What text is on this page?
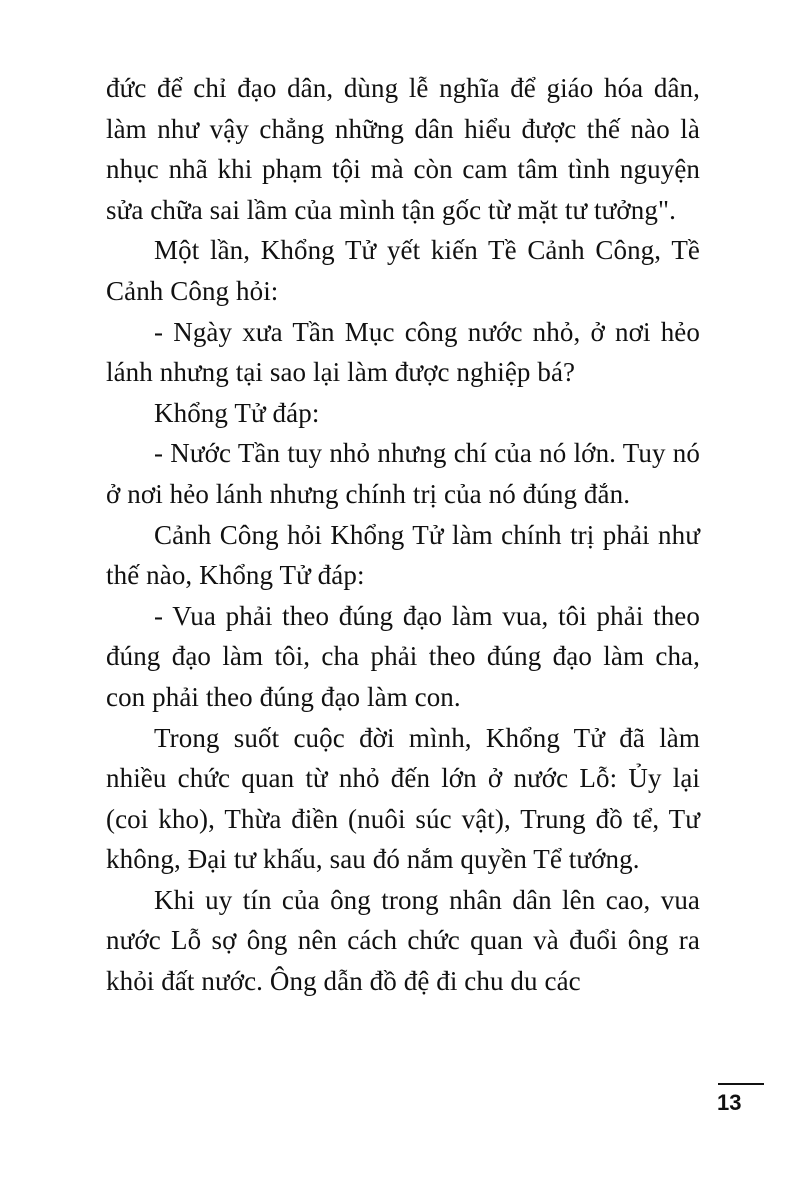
đức để chỉ đạo dân, dùng lễ nghĩa để giáo hóa dân, làm như vậy chẳng những dân hiểu được thế nào là nhục nhã khi phạm tội mà còn cam tâm tình nguyện sửa chữa sai lầm của mình tận gốc từ mặt tư tưởng".

Một lần, Khổng Tử yết kiến Tề Cảnh Công, Tề Cảnh Công hỏi:

- Ngày xưa Tần Mục công nước nhỏ, ở nơi hẻo lánh nhưng tại sao lại làm được nghiệp bá?

Khổng Tử đáp:

- Nước Tần tuy nhỏ nhưng chí của nó lớn. Tuy nó ở nơi hẻo lánh nhưng chính trị của nó đúng đắn.

Cảnh Công hỏi Khổng Tử làm chính trị phải như thế nào, Khổng Tử đáp:

- Vua phải theo đúng đạo làm vua, tôi phải theo đúng đạo làm tôi, cha phải theo đúng đạo làm cha, con phải theo đúng đạo làm con.

Trong suốt cuộc đời mình, Khổng Tử đã làm nhiều chức quan từ nhỏ đến lớn ở nước Lỗ: Ủy lại (coi kho), Thừa điền (nuôi súc vật), Trung đồ tể, Tư không, Đại tư khấu, sau đó nắm quyền Tể tướng.

Khi uy tín của ông trong nhân dân lên cao, vua nước Lỗ sợ ông nên cách chức quan và đuổi ông ra khỏi đất nước. Ông dẫn đồ đệ đi chu du các

13
